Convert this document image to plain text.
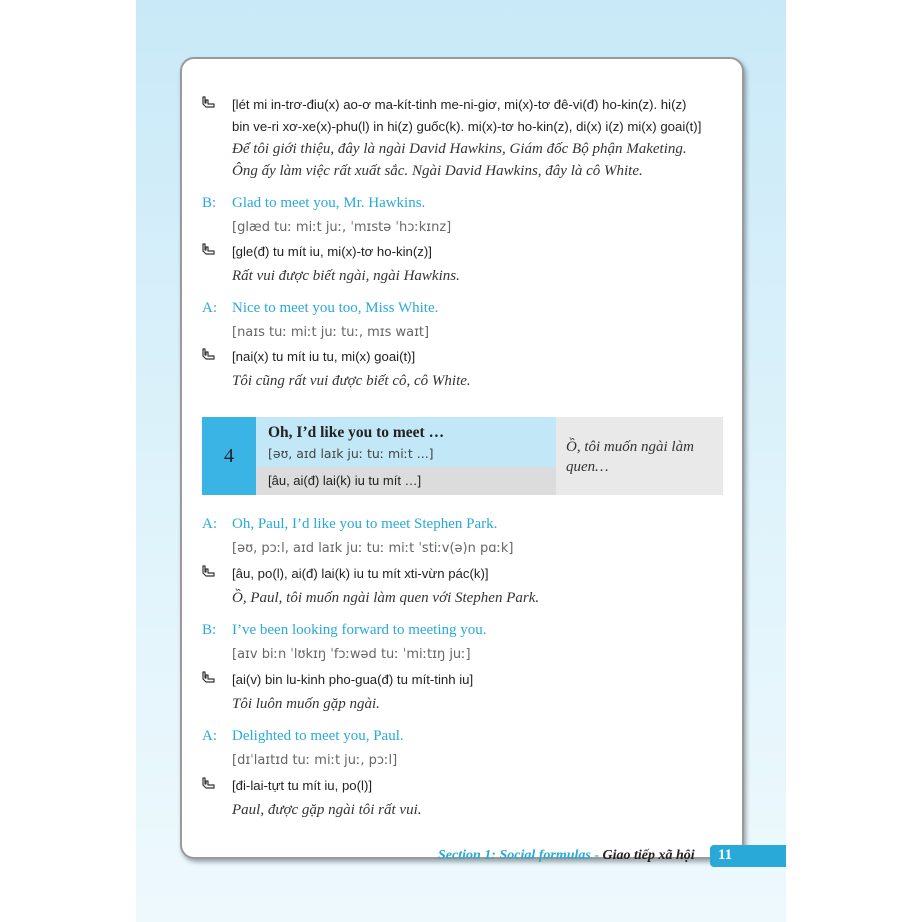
[lét mi in-trơ-điu(x) ao-ơ ma-kít-tinh me-ni-giơ, mi(x)-tơ đê-vi(đ) ho-kin(z). hi(z)
bin ve-ri xơ-xe(x)-phu(l) in hi(z) guốc(k). mi(x)-tơ ho-kin(z), di(x) i(z) mi(x) goai(t)]
Để tôi giới thiệu, đây là ngài David Hawkins, Giám đốc Bộ phận Maketing.
Ông ấy làm việc rất xuất sắc. Ngài David Hawkins, đây là cô White.
B: Glad to meet you, Mr. Hawkins.
[glæd tuː miːt juː, ˈmɪstə ˈhɔːkɪnz]
[gle(đ) tu mít iu, mi(x)-tơ ho-kin(z)]
Rất vui được biết ngài, ngài Hawkins.
A: Nice to meet you too, Miss White.
[naɪs tuː miːt juː tuː, mɪs waɪt]
[nai(x) tu mít iu tu, mi(x) goai(t)]
Tôi cũng rất vui được biết cô, cô White.
4
Oh, I’d like you to meet …
[əʊ, aɪd laɪk juː tuː miːt ...]
[âu, ai(đ) lai(k) iu tu mít …]
Ồ, tôi muốn ngài làm quen…
A: Oh, Paul, I’d like you to meet Stephen Park.
[əʊ, pɔːl, aɪd laɪk juː tuː miːt ˈstiːv(ə)n pɑːk]
[âu, po(l), ai(đ) lai(k) iu tu mít xti-vừn pác(k)]
Ồ, Paul, tôi muốn ngài làm quen với Stephen Park.
B: I’ve been looking forward to meeting you.
[aɪv biːn ˈlʊkɪŋ ˈfɔːwəd tuː ˈmiːtɪŋ juː]
[ai(v) bin lu-kinh pho-gua(đ) tu mít-tinh iu]
Tôi luôn muốn gặp ngài.
A: Delighted to meet you, Paul.
[dɪˈlaɪtɪd tuː miːt juː, pɔːl]
[đi-lai-tựt tu mít iu, po(l)]
Paul, được gặp ngài tôi rất vui.
Section 1: Social formulas - Giao tiếp xã hội 11
